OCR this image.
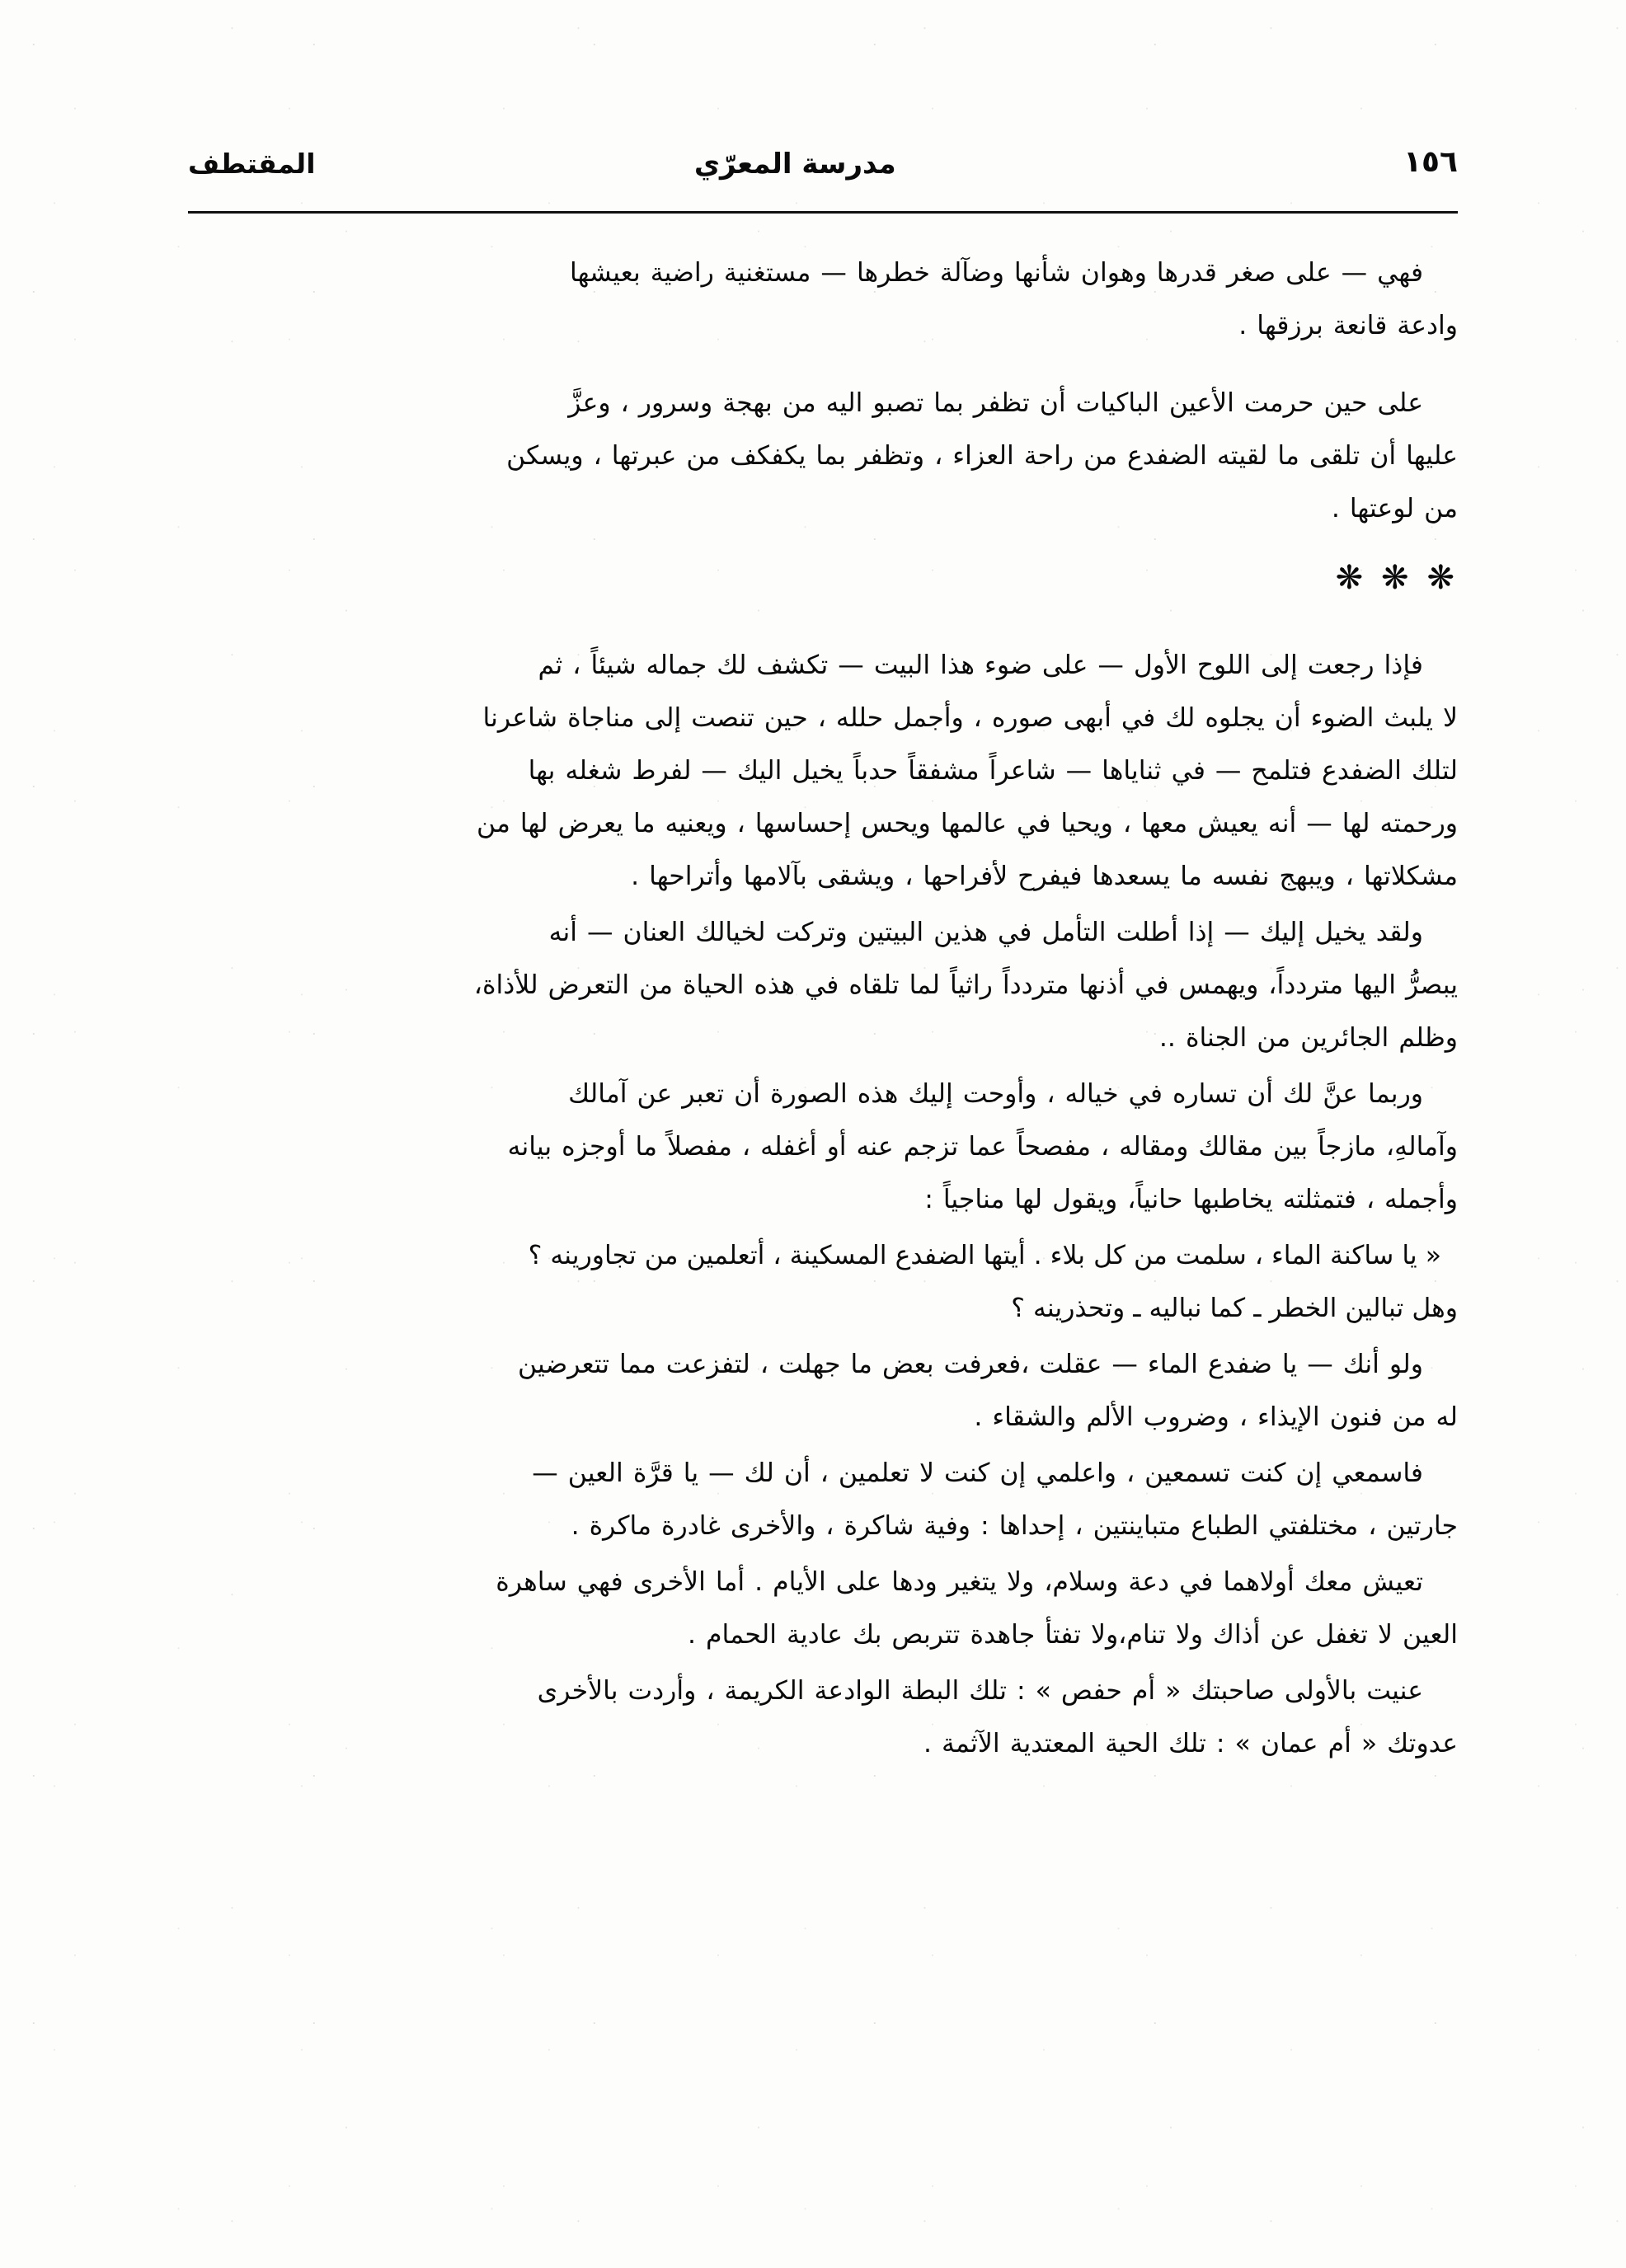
١٥٦
مدرسة المعرّي
المقتطف

فهي — على صغر قدرها وهوان شأنها وضآلة خطرها — مستغنية راضية بعيشها
وادعة قانعة برزقها .

على حين حرمت الأعين الباكيات أن تظفر بما تصبو اليه من بهجة وسرور ، وعزَّ
عليها أن تلقى ما لقيته الضفدع من راحة العزاء ، وتظفر بما يكفكف من عبرتها ، ويسكن
من لوعتها .

❋ ❋ ❋

فإذا رجعت إلى اللوح الأول — على ضوء هذا البيت — تكشف لك جماله شيئاً ، ثم
لا يلبث الضوء أن يجلوه لك في أبهى صوره ، وأجمل حلله ، حين تنصت إلى مناجاة شاعرنا
لتلك الضفدع فتلمح — في ثناياها — شاعراً مشفقاً حدباً يخيل اليك — لفرط شغله بها
ورحمته لها — أنه يعيش معها ، ويحيا في عالمها ويحس إحساسها ، ويعنيه ما يعرض لها من
مشكلاتها ، ويبهج نفسه ما يسعدها فيفرح لأفراحها ، ويشقى بآلامها وأتراحها .

ولقد يخيل إليك — إذا أطلت التأمل في هذين البيتين وتركت لخيالك العنان — أنه
يبصرُّ اليها متردداً، ويهمس في أذنها متردداً راثياً لما تلقاه في هذه الحياة من التعرض للأذاة،
وظلم الجائرين من الجناة ..

وربما عنَّ لك أن تساره في خياله ، وأوحت إليك هذه الصورة أن تعبر عن آمالك
وآمالهِ، مازجاً بين مقالك ومقاله ، مفصحاً عما تزجم عنه أو أغفله ، مفصلاً ما أوجزه بيانه
وأجمله ، فتمثلته يخاطبها حانياً، ويقول لها مناجياً :

« يا ساكنة الماء ، سلمت من كل بلاء . أيتها الضفدع المسكينة ، أتعلمين من تجاورينه ؟
وهل تبالين الخطر ـ كما نباليه ـ وتحذرينه ؟

ولو أنك — يا ضفدع الماء — عقلت ،فعرفت بعض ما جهلت ، لتفزعت مما تتعرضين
له من فنون الإيذاء ، وضروب الألم والشقاء .

فاسمعي إن كنت تسمعين ، واعلمي إن كنت لا تعلمين ، أن لك — يا قرَّة العين —
جارتين ، مختلفتي الطباع متباينتين ، إحداها : وفية شاكرة ، والأخرى غادرة ماكرة .

تعيش معك أولاهما في دعة وسلام، ولا يتغير ودها على الأيام . أما الأخرى فهي ساهرة
العين لا تغفل عن أذاك ولا تنام،ولا تفتأ جاهدة تتربص بك عادية الحمام .

عنيت بالأولى صاحبتك « أم حفص » : تلك البطة الوادعة الكريمة ، وأردت بالأخرى
عدوتك « أم عمان » : تلك الحية المعتدية الآثمة .
